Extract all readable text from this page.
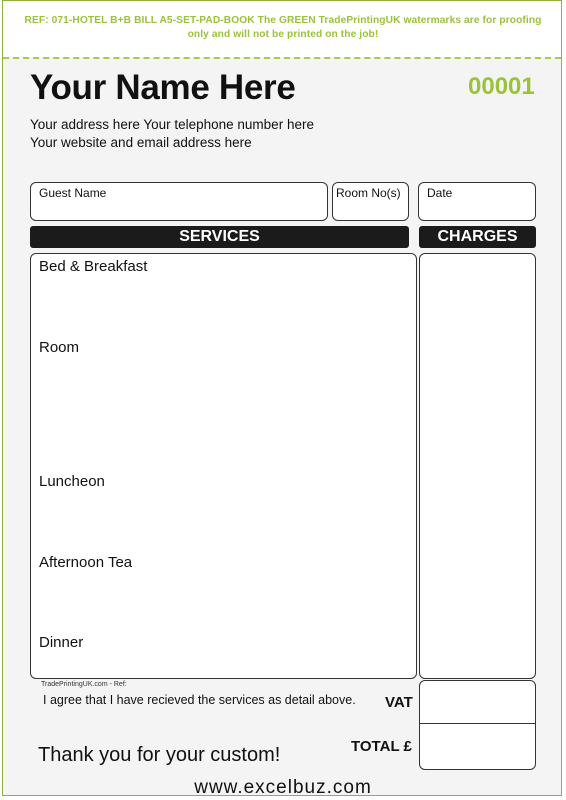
REF: 071-HOTEL B+B BILL A5-SET-PAD-BOOK The GREEN TradePrintingUK watermarks are for proofing
only and will not be printed on the job!
Your Name Here	00001
Your address here Your telephone number here
Your website and email address here
Guest Name	Room No(s) Date
SERVICES	CHARGES
Bed & Breakfast
Room
Luncheon
Afternoon Tea
Dinner
TradePrintingUK.com - Ref:
I agree that I have recieved the services as detail above. VAT
TOTAL £
Thank you for your custom!
www.excelbuz.com
